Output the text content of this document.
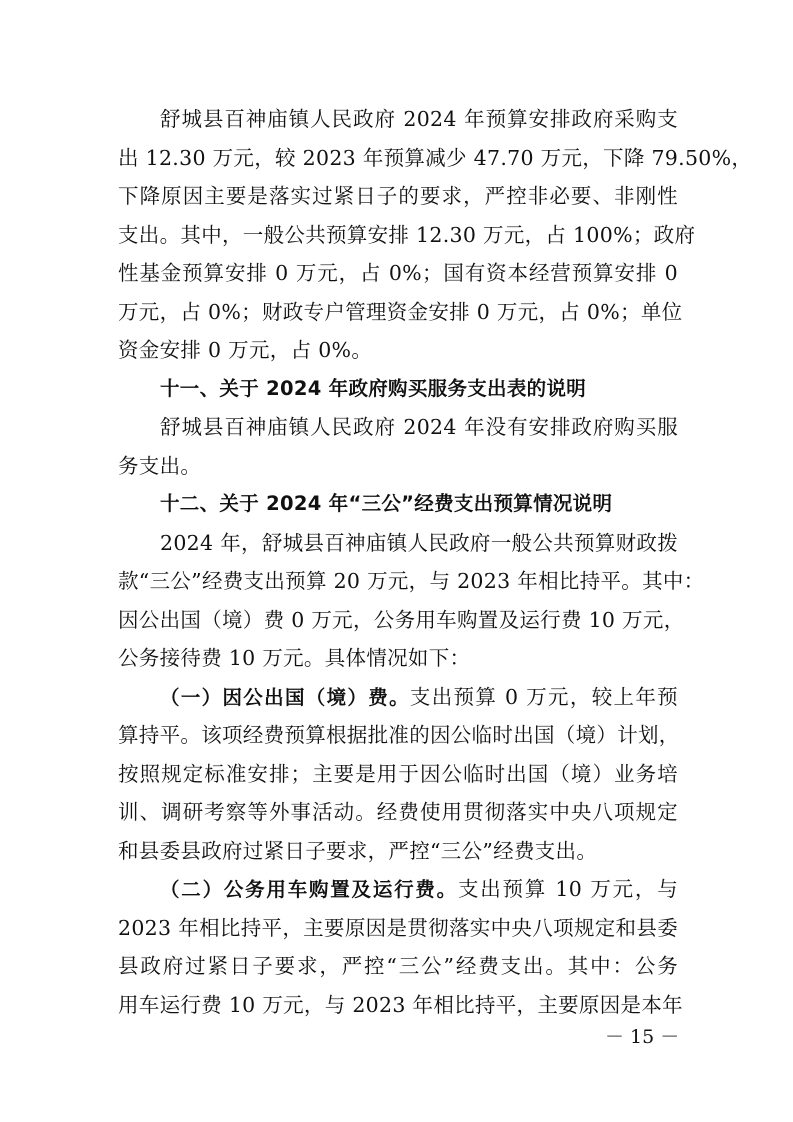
舒城县百神庙镇人民政府 2024 年预算安排政府采购支
出 12.30 万元，较 2023 年预算减少 47.70 万元，下降 79.50%，
下降原因主要是落实过紧日子的要求，严控非必要、非刚性
支出。其中，一般公共预算安排 12.30 万元，占 100%；政府
性基金预算安排 0 万元，占 0%；国有资本经营预算安排 0
万元，占 0%；财政专户管理资金安排 0 万元，占 0%；单位
资金安排 0 万元，占 0%。
十一、关于 2024 年政府购买服务支出表的说明
舒城县百神庙镇人民政府 2024 年没有安排政府购买服
务支出。
十二、关于 2024 年“三公”经费支出预算情况说明
2024 年，舒城县百神庙镇人民政府一般公共预算财政拨
款“三公”经费支出预算 20 万元，与 2023 年相比持平。其中：
因公出国（境）费 0 万元，公务用车购置及运行费 10 万元，
公务接待费 10 万元。具体情况如下：
（一）因公出国（境）费。支出预算 0 万元，较上年预
算持平。该项经费预算根据批准的因公临时出国（境）计划，
按照规定标准安排；主要是用于因公临时出国（境）业务培
训、调研考察等外事活动。经费使用贯彻落实中央八项规定
和县委县政府过紧日子要求，严控“三公”经费支出。
（二）公务用车购置及运行费。支出预算 10 万元，与
2023 年相比持平，主要原因是贯彻落实中央八项规定和县委
县政府过紧日子要求，严控“三公”经费支出。其中：公务
用车运行费 10 万元，与 2023 年相比持平，主要原因是本年
－ 15 －
